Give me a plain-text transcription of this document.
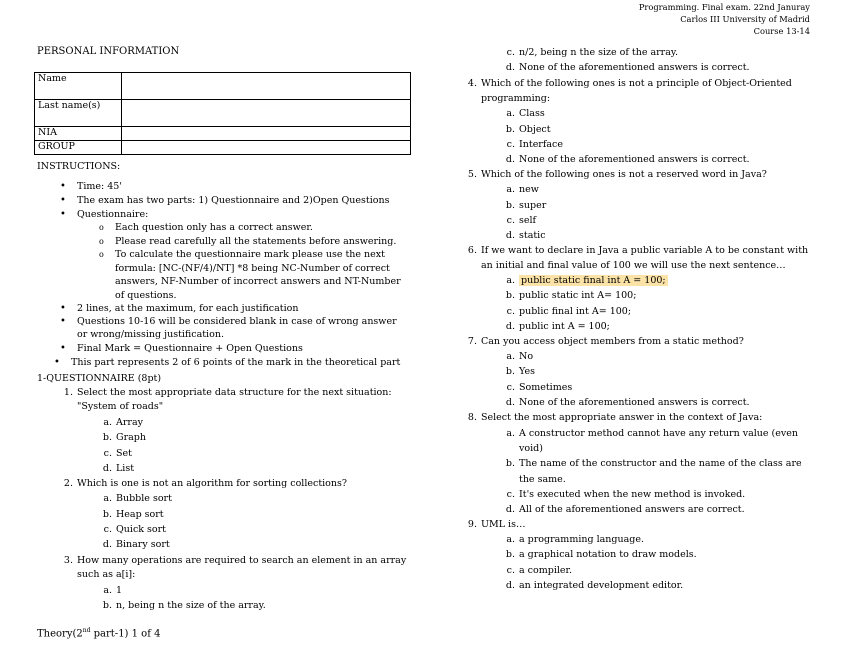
Programming. Final exam. 22nd Januray
Carlos III University of Madrid
Course 13-14
PERSONAL INFORMATION
Name	
Last name(s)	
NIA	
GROUP	
INSTRUCTIONS:
• Time: 45'
• The exam has two parts: 1) Questionnaire and 2)Open Questions
• Questionnaire:
o Each question only has a correct answer.
o Please read carefully all the statements before answering.
o To calculate the questionnaire mark please use the next
formula: [NC-(NF/4)/NT] *8 being NC-Number of correct
answers, NF-Number of incorrect answers and NT-Number
of questions.
• 2 lines, at the maximum, for each justification
• Questions 10-16 will be considered blank in case of wrong answer
or wrong/missing justification.
• Final Mark = Questionnaire + Open Questions
• This part represents 2 of 6 points of the mark in the theoretical part
1-QUESTIONNAIRE (8pt)
1. Select the most appropriate data structure for the next situation:
"System of roads"
a. Array
b. Graph
c. Set
d. List
2. Which is one is not an algorithm for sorting collections?
a. Bubble sort
b. Heap sort
c. Quick sort
d. Binary sort
3. How many operations are required to search an element in an array
such as a[i]:
a. 1
b. n, being n the size of the array.
Theory(2nd part-1) 1 of 4
c. n/2, being n the size of the array.
d. None of the aforementioned answers is correct.
4. Which of the following ones is not a principle of Object-Oriented
programming:
a. Class
b. Object
c. Interface
d. None of the aforementioned answers is correct.
5. Which of the following ones is not a reserved word in Java?
a. new
b. super
c. self
d. static
6. If we want to declare in Java a public variable A to be constant with
an initial and final value of 100 we will use the next sentence…
a. public static final int A = 100;
b. public static int A= 100;
c. public final int A= 100;
d. public int A = 100;
7. Can you access object members from a static method?
a. No
b. Yes
c. Sometimes
d. None of the aforementioned answers is correct.
8. Select the most appropriate answer in the context of Java:
a. A constructor method cannot have any return value (even
void)
b. The name of the constructor and the name of the class are
the same.
c. It's executed when the new method is invoked.
d. All of the aforementioned answers are correct.
9. UML is…
a. a programming language.
b. a graphical notation to draw models.
c. a compiler.
d. an integrated development editor.
